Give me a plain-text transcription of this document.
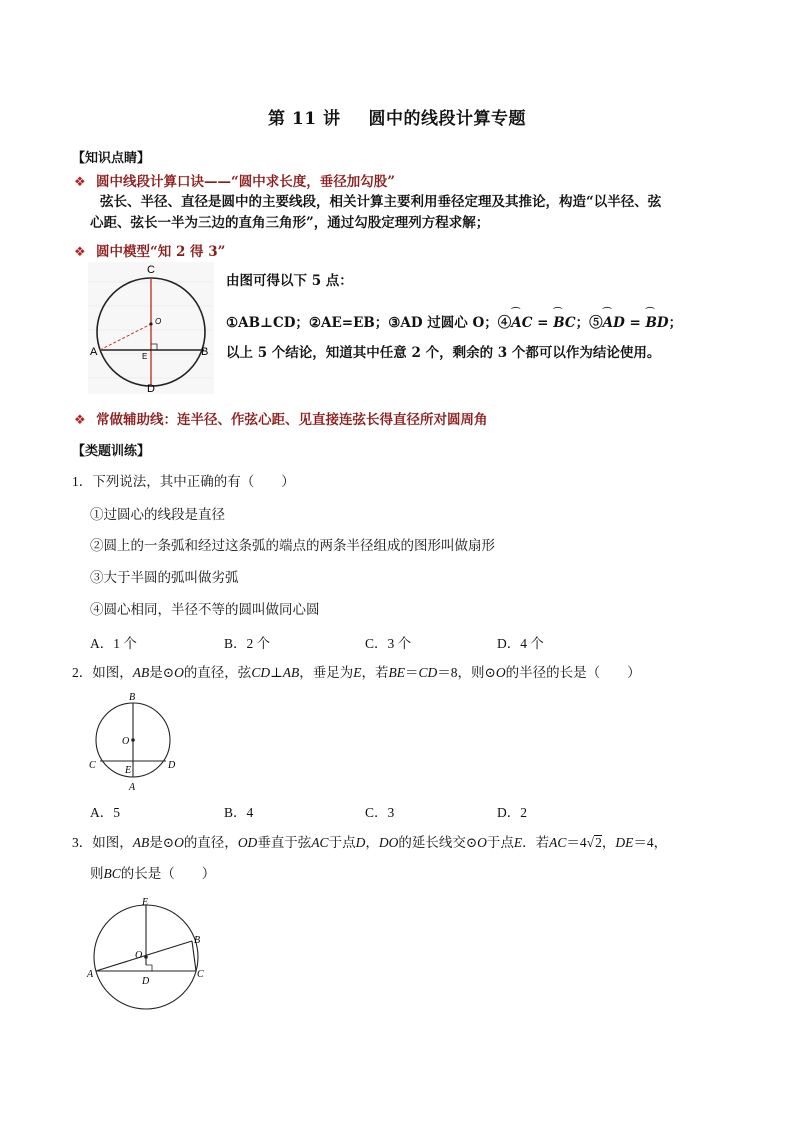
第 11 讲 圆中的线段计算专题
【知识点睛】
❖ 圆中线段计算口诀——“圆中求长度，垂径加勾股”
弦长、半径、直径是圆中的主要线段，相关计算主要利用垂径定理及其推论，构造“以半径、弦
心距、弦长一半为三边的直角三角形”，通过勾股定理列方程求解；
❖ 圆中模型“知 2 得 3”
C
O
A	E	B
D
由图可得以下 5 点：
①AB⊥CD；②AE=EB；③AD 过圆心 O；④⌒ AC = ⌒ BC；⑤⌒ AD = ⌒ BD；
以上 5 个结论，知道其中任意 2 个，剩余的 3 个都可以作为结论使用。
❖ 常做辅助线：连半径、作弦心距、见直接连弦长得直径所对圆周角
【类题训练】
1．下列说法，其中正确的有（　　）
①过圆心的线段是直径
②圆上的一条弧和经过这条弧的端点的两条半径组成的图形叫做扇形
③大于半圆的弧叫做劣弧
④圆心相同，半径不等的圆叫做同心圆
A．1 个	B．2 个	C．3 个	D．4 个
2．如图，AB是⊙O的直径，弦CD⊥AB，垂足为E，若BE＝CD＝8，则⊙O的半径的长是（　　）
B
O
C	E	D
A
A．5	B．4	C．3	D．2
3．如图，AB是⊙O的直径，OD垂直于弦AC于点D，DO的延长线交⊙O于点E．若AC＝4√2，DE＝4，
则BC的长是（　　）
E
B
O
A	C
D
